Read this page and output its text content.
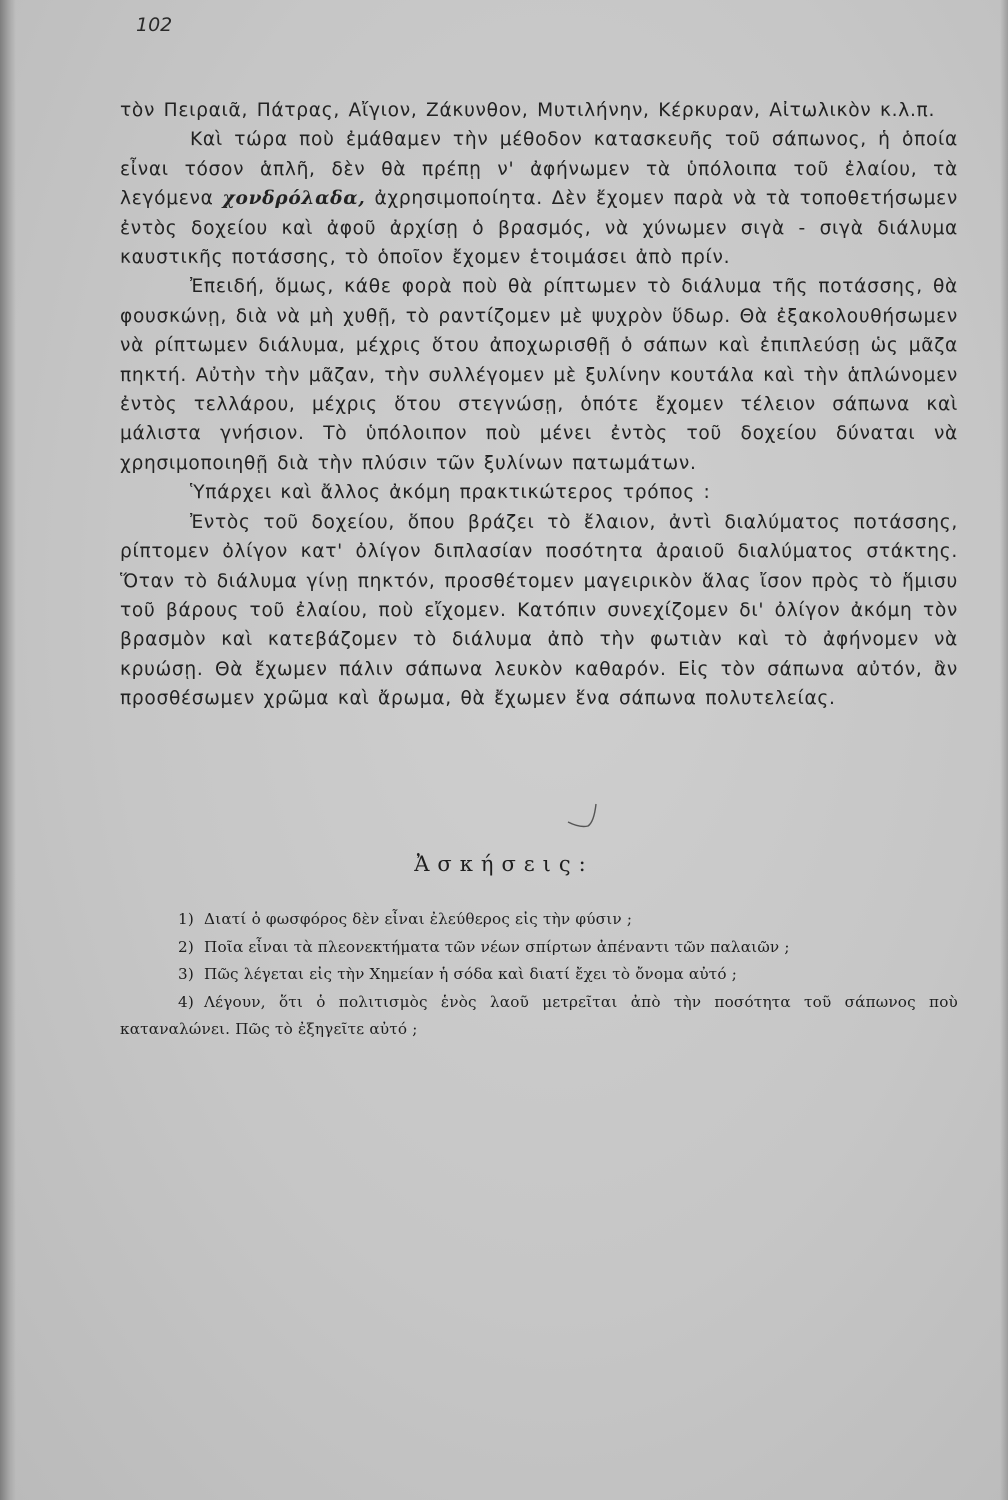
102

τὸν Πειραιᾶ, Πάτρας, Αἴγιον, Ζάκυνθον, Μυτιλήνην, Κέρκυραν, Αἰτωλικὸν κ.λ.π.

Καὶ τώρα ποὺ ἐμάθαμεν τὴν μέθοδον κατασκευῆς τοῦ σάπωνος, ἡ ὁποία εἶναι τόσον ἁπλῆ, δὲν θὰ πρέπῃ ν' ἀφήνωμεν τὰ ὑπόλοιπα τοῦ ἐλαίου, τὰ λεγόμενα χονδρόλαδα, ἀχρησιμοποίητα. Δὲν ἔχομεν παρὰ νὰ τὰ τοποθετήσωμεν ἐντὸς δοχείου καὶ ἀφοῦ ἀρχίσῃ ὁ βρασμός, νὰ χύνωμεν σιγὰ - σιγὰ διάλυμα καυστικῆς ποτάσσης, τὸ ὁποῖον ἔχομεν ἑτοιμάσει ἀπὸ πρίν.

Ἐπειδή, ὅμως, κάθε φορὰ ποὺ θὰ ρίπτωμεν τὸ διάλυμα τῆς ποτάσσης, θὰ φουσκώνῃ, διὰ νὰ μὴ χυθῇ, τὸ ραντίζομεν μὲ ψυχρὸν ὕδωρ. Θὰ ἐξακολουθήσωμεν νὰ ρίπτωμεν διάλυμα, μέχρις ὅτου ἀποχωρισθῇ ὁ σάπων καὶ ἐπιπλεύσῃ ὡς μᾶζα πηκτή. Αὐτὴν τὴν μᾶζαν, τὴν συλλέγομεν μὲ ξυλίνην κουτάλα καὶ τὴν ἁπλώνομεν ἐντὸς τελλάρου, μέχρις ὅτου στεγνώσῃ, ὁπότε ἔχομεν τέλειον σάπωνα καὶ μάλιστα γνήσιον. Τὸ ὑπόλοιπον ποὺ μένει ἐντὸς τοῦ δοχείου δύναται νὰ χρησιμοποιηθῇ διὰ τὴν πλύσιν τῶν ξυλίνων πατωμάτων.

Ὑπάρχει καὶ ἄλλος ἀκόμη πρακτικώτερος τρόπος :

Ἐντὸς τοῦ δοχείου, ὅπου βράζει τὸ ἔλαιον, ἀντὶ διαλύματος ποτάσσης, ρίπτομεν ὀλίγον κατ' ὀλίγον διπλασίαν ποσότητα ἀραιοῦ διαλύματος στάκτης. Ὅταν τὸ διάλυμα γίνῃ πηκτόν, προσθέτομεν μαγειρικὸν ἅλας ἴσον πρὸς τὸ ἥμισυ τοῦ βάρους τοῦ ἐλαίου, ποὺ εἴχομεν. Κατόπιν συνεχίζομεν δι' ὀλίγον ἀκόμη τὸν βρασμὸν καὶ κατεβάζομεν τὸ διάλυμα ἀπὸ τὴν φωτιὰν καὶ τὸ ἀφήνομεν νὰ κρυώσῃ. Θὰ ἔχωμεν πάλιν σάπωνα λευκὸν καθαρόν. Εἰς τὸν σάπωνα αὐτόν, ἂν προσθέσωμεν χρῶμα καὶ ἄρωμα, θὰ ἔχωμεν ἕνα σάπωνα πολυτελείας.

Ἀσκήσεις:

1) Διατί ὁ φωσφόρος δὲν εἶναι ἐλεύθερος εἰς τὴν φύσιν ;

2) Ποῖα εἶναι τὰ πλεονεκτήματα τῶν νέων σπίρτων ἀπέναντι τῶν παλαιῶν ;

3) Πῶς λέγεται εἰς τὴν Χημείαν ἡ σόδα καὶ διατί ἔχει τὸ ὄνομα αὐτό ;

4) Λέγουν, ὅτι ὁ πολιτισμὸς ἑνὸς λαοῦ μετρεῖται ἀπὸ τὴν ποσότητα τοῦ σάπωνος ποὺ καταναλώνει. Πῶς τὸ ἐξηγεῖτε αὐτό ;
